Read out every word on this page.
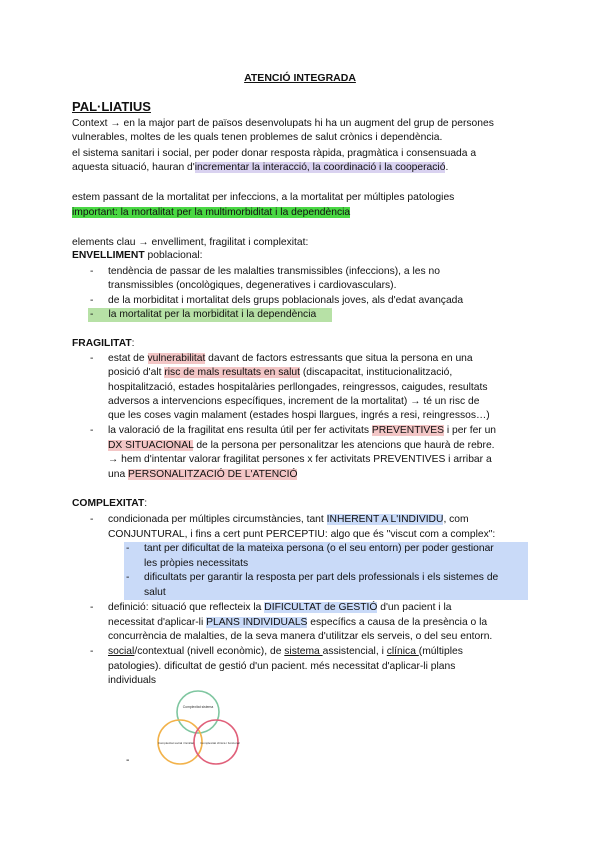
ATENCIÓ INTEGRADA
PAL·LIATIUS
Context → en la major part de països desenvolupats hi ha un augment del grup de persones
vulnerables, moltes de les quals tenen problemes de salut crònics i dependència.
el sistema sanitari i social, per poder donar resposta ràpida, pragmàtica i consensuada a
aquesta situació, hauran d'incrementar la interacció, la coordinació i la cooperació.
estem passant de la mortalitat per infeccions, a la mortalitat per múltiples patologies
important: la mortalitat per la multimorbiditat i la dependència
elements clau → envelliment, fragilitat i complexitat:
ENVELLIMENT poblacional:
- tendència de passar de les malalties transmissibles (infeccions), a les no
transmissibles (oncològiques, degeneratives i cardiovasculars).
- de la morbiditat i mortalitat dels grups poblacionals joves, als d'edat avançada
- la mortalitat per la morbiditat i la dependència
FRAGILITAT:
- estat de vulnerabilitat davant de factors estressants que situa la persona en una
posició d'alt risc de mals resultats en salut (discapacitat, institucionalització,
hospitalització, estades hospitalàries perllongades, reingressos, caigudes, resultats
adversos a intervencions específiques, increment de la mortalitat) → té un risc de
que les coses vagin malament (estades hospi llargues, ingrés a resi, reingressos…)
- la valoració de la fragilitat ens resulta útil per fer activitats PREVENTIVES i per fer un
DX SITUACIONAL de la persona per personalitzar les atencions que haurà de rebre.
→ hem d'intentar valorar fragilitat persones x fer activitats PREVENTIVES i arribar a
una PERSONALITZACIÓ DE L'ATENCIÓ
COMPLEXITAT:
- condicionada per múltiples circumstàncies, tant INHERENT A L'INDIVIDU, com
CONJUNTURAL, i fins a cert punt PERCEPTIU: algo que és "viscut com a complex":
- tant per dificultat de la mateixa persona (o el seu entorn) per poder gestionar
les pròpies necessitats
- dificultats per garantir la resposta per part dels professionals i els sistemes de
salut
- definició: situació que reflecteix la DIFICULTAT de GESTIÓ d'un pacient i la
necessitat d'aplicar-li PLANS INDIVIDUALS específics a causa de la presència o la
concurrència de malalties, de la seva manera d'utilitzar els serveis, o del seu entorn.
- social/contextual (nivell econòmic), de sistema assistencial, i clínica (múltiples
patologies). dificultat de gestió d'un pacient. més necessitat d'aplicar-li plans
individuals
Complexitat sistema
Complexitat social i familiar Complexitat clínica i funcional
-
